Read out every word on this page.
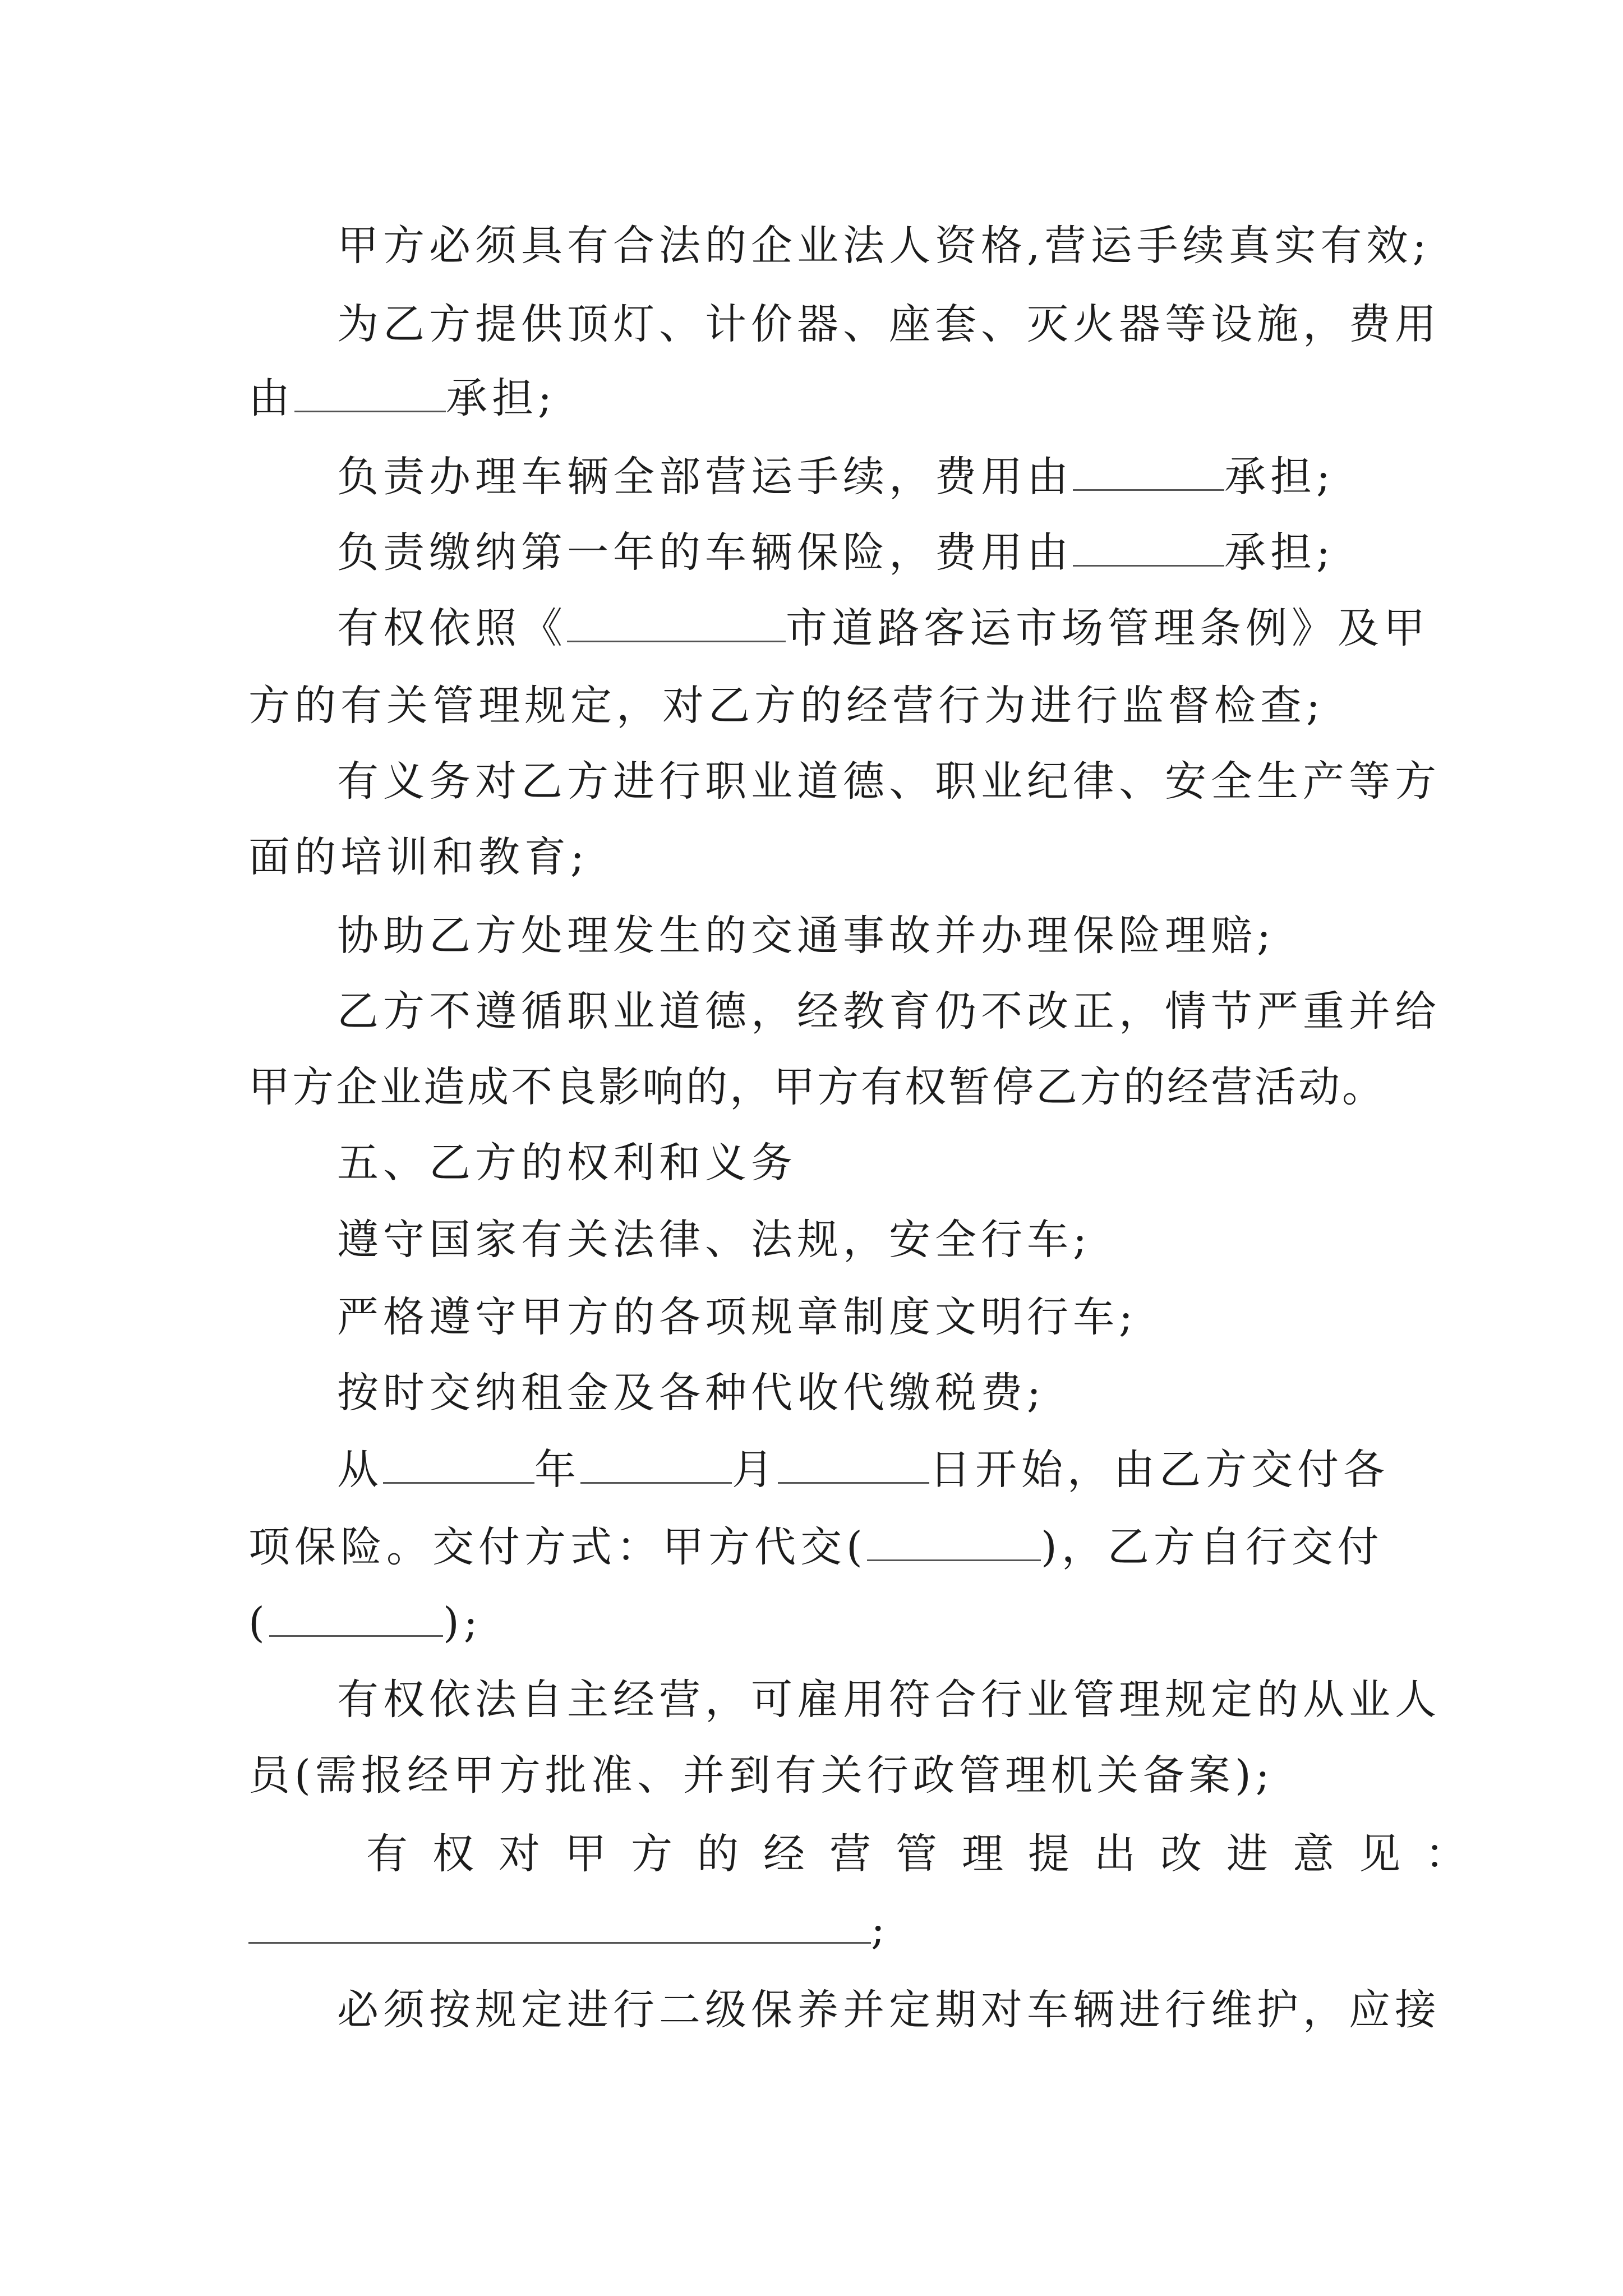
甲方必须具有合法的企业法人资格,营运手续真实有效;
为乙方提供顶灯、计价器、座套、灭火器等设施，费用
由	承担;
负责办理车辆全部营运手续，费用由	承担;
负责缴纳第一年的车辆保险，费用由	承担;
有权依照《	市道路客运市场管理条例》及甲
方的有关管理规定，对乙方的经营行为进行监督检查;
有义务对乙方进行职业道德、职业纪律、安全生产等方
面的培训和教育;
协助乙方处理发生的交通事故并办理保险理赔;
乙方不遵循职业道德，经教育仍不改正，情节严重并给
甲方企业造成不良影响的，甲方有权暂停乙方的经营活动。
五、乙方的权利和义务
遵守国家有关法律、法规，安全行车;
严格遵守甲方的各项规章制度文明行车;
按时交纳租金及各种代收代缴税费;
从	年	月	日开始，由乙方交付各
项保险。交付方式：甲方代交(	)，乙方自行交付
(	);
有权依法自主经营，可雇用符合行业管理规定的从业人
员(需报经甲方批准、并到有关行政管理机关备案);
有权对甲方的经营管理提出改进意见：
;
必须按规定进行二级保养并定期对车辆进行维护，应接
